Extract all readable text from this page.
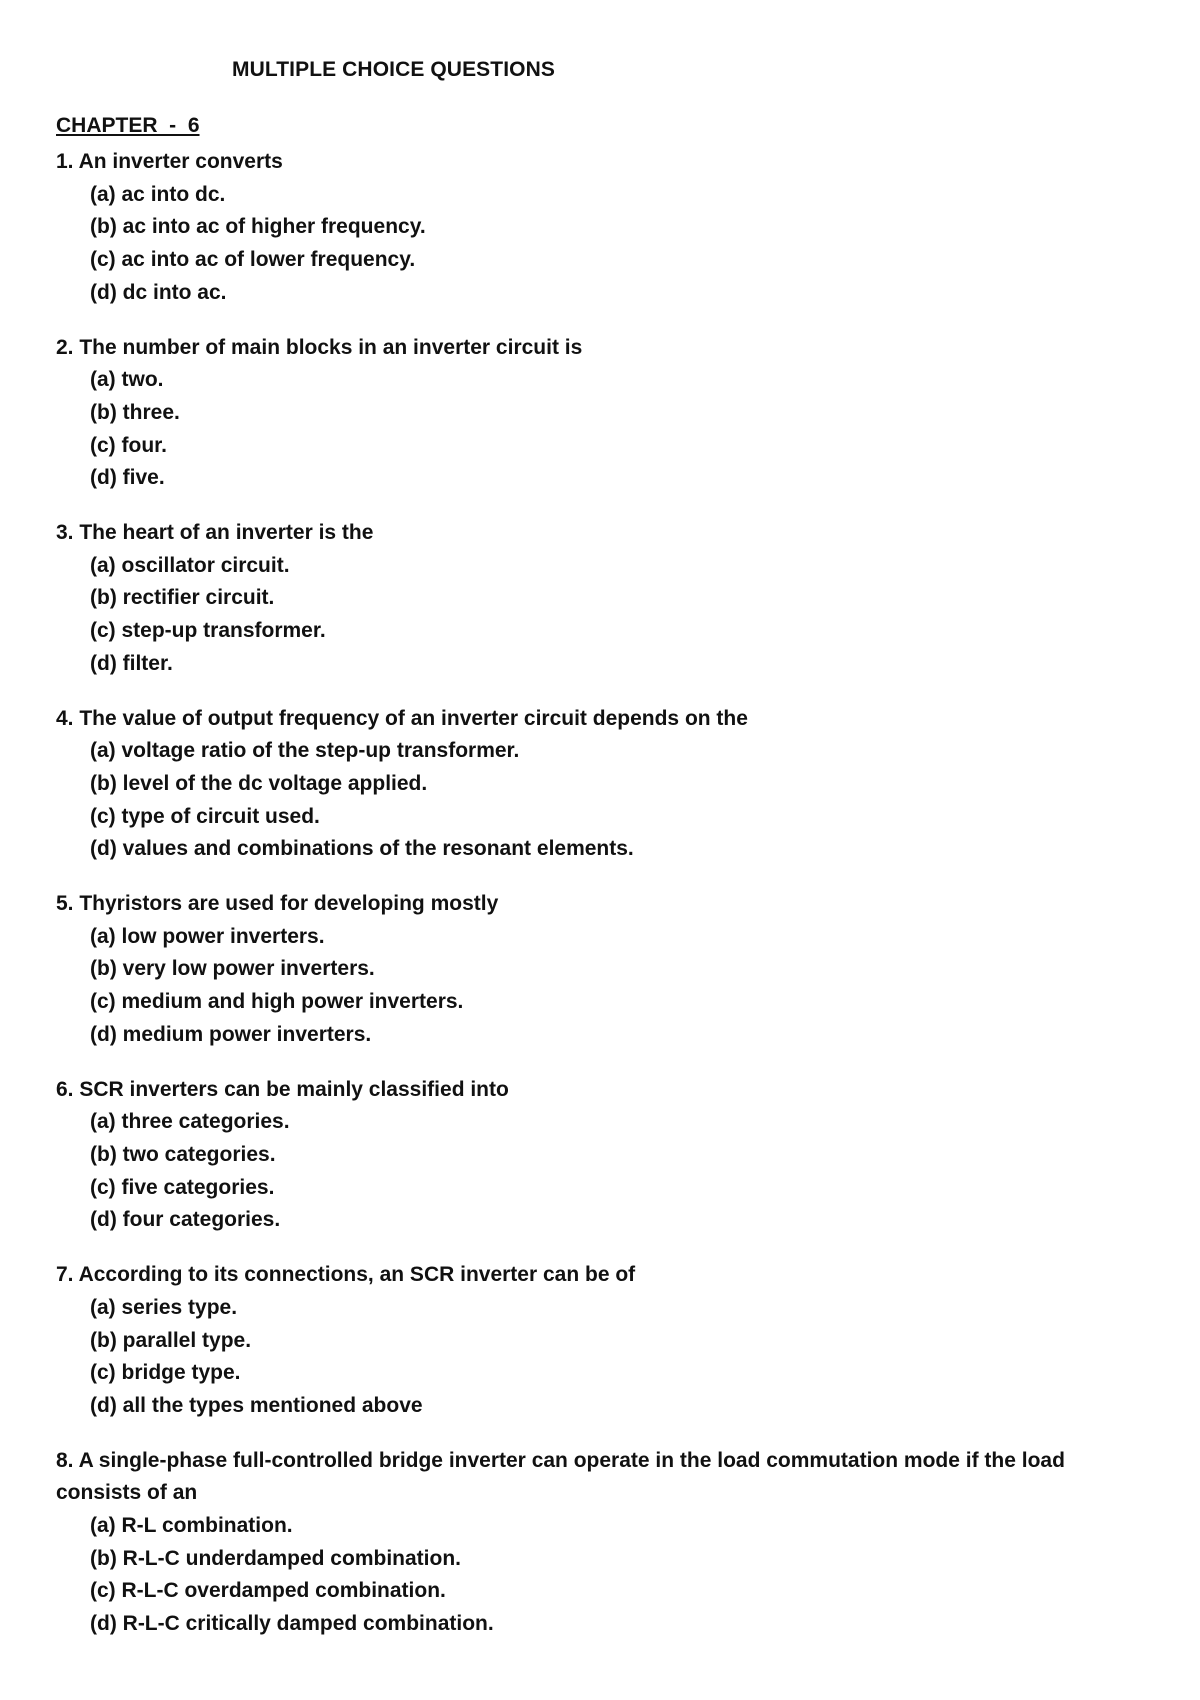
MULTIPLE CHOICE QUESTIONS
CHAPTER  -  6

1. An inverter converts

(a) ac into dc.

(b) ac into ac of higher frequency.

(c) ac into ac of lower frequency.

(d) dc into ac.

2. The number of main blocks in an inverter circuit is

(a) two.

(b) three.

(c) four.

(d) five.

3. The heart of an inverter is the

(a) oscillator circuit.

(b) rectifier circuit.

(c) step-up transformer.

(d) filter.

4. The value of output frequency of an inverter circuit depends on the

(a) voltage ratio of the step-up transformer.

(b) level of the dc voltage applied.

(c) type of circuit used.

(d) values and combinations of the resonant elements.

5. Thyristors are used for developing mostly

(a) low power inverters.

(b) very low power inverters.

(c) medium and high power inverters.

(d) medium power inverters.

6. SCR inverters can be mainly classified into

(a) three categories.

(b) two categories.

(c) five categories.

(d) four categories.

7. According to its connections, an SCR inverter can be of

(a) series type.

(b) parallel type.

(c) bridge type.

(d) all the types mentioned above

8. A single-phase full-controlled bridge inverter can operate in the load commutation mode if the load consists of an

(a) R-L combination.

(b) R-L-C underdamped combination.

(c) R-L-C overdamped combination.

(d) R-L-C critically damped combination.
